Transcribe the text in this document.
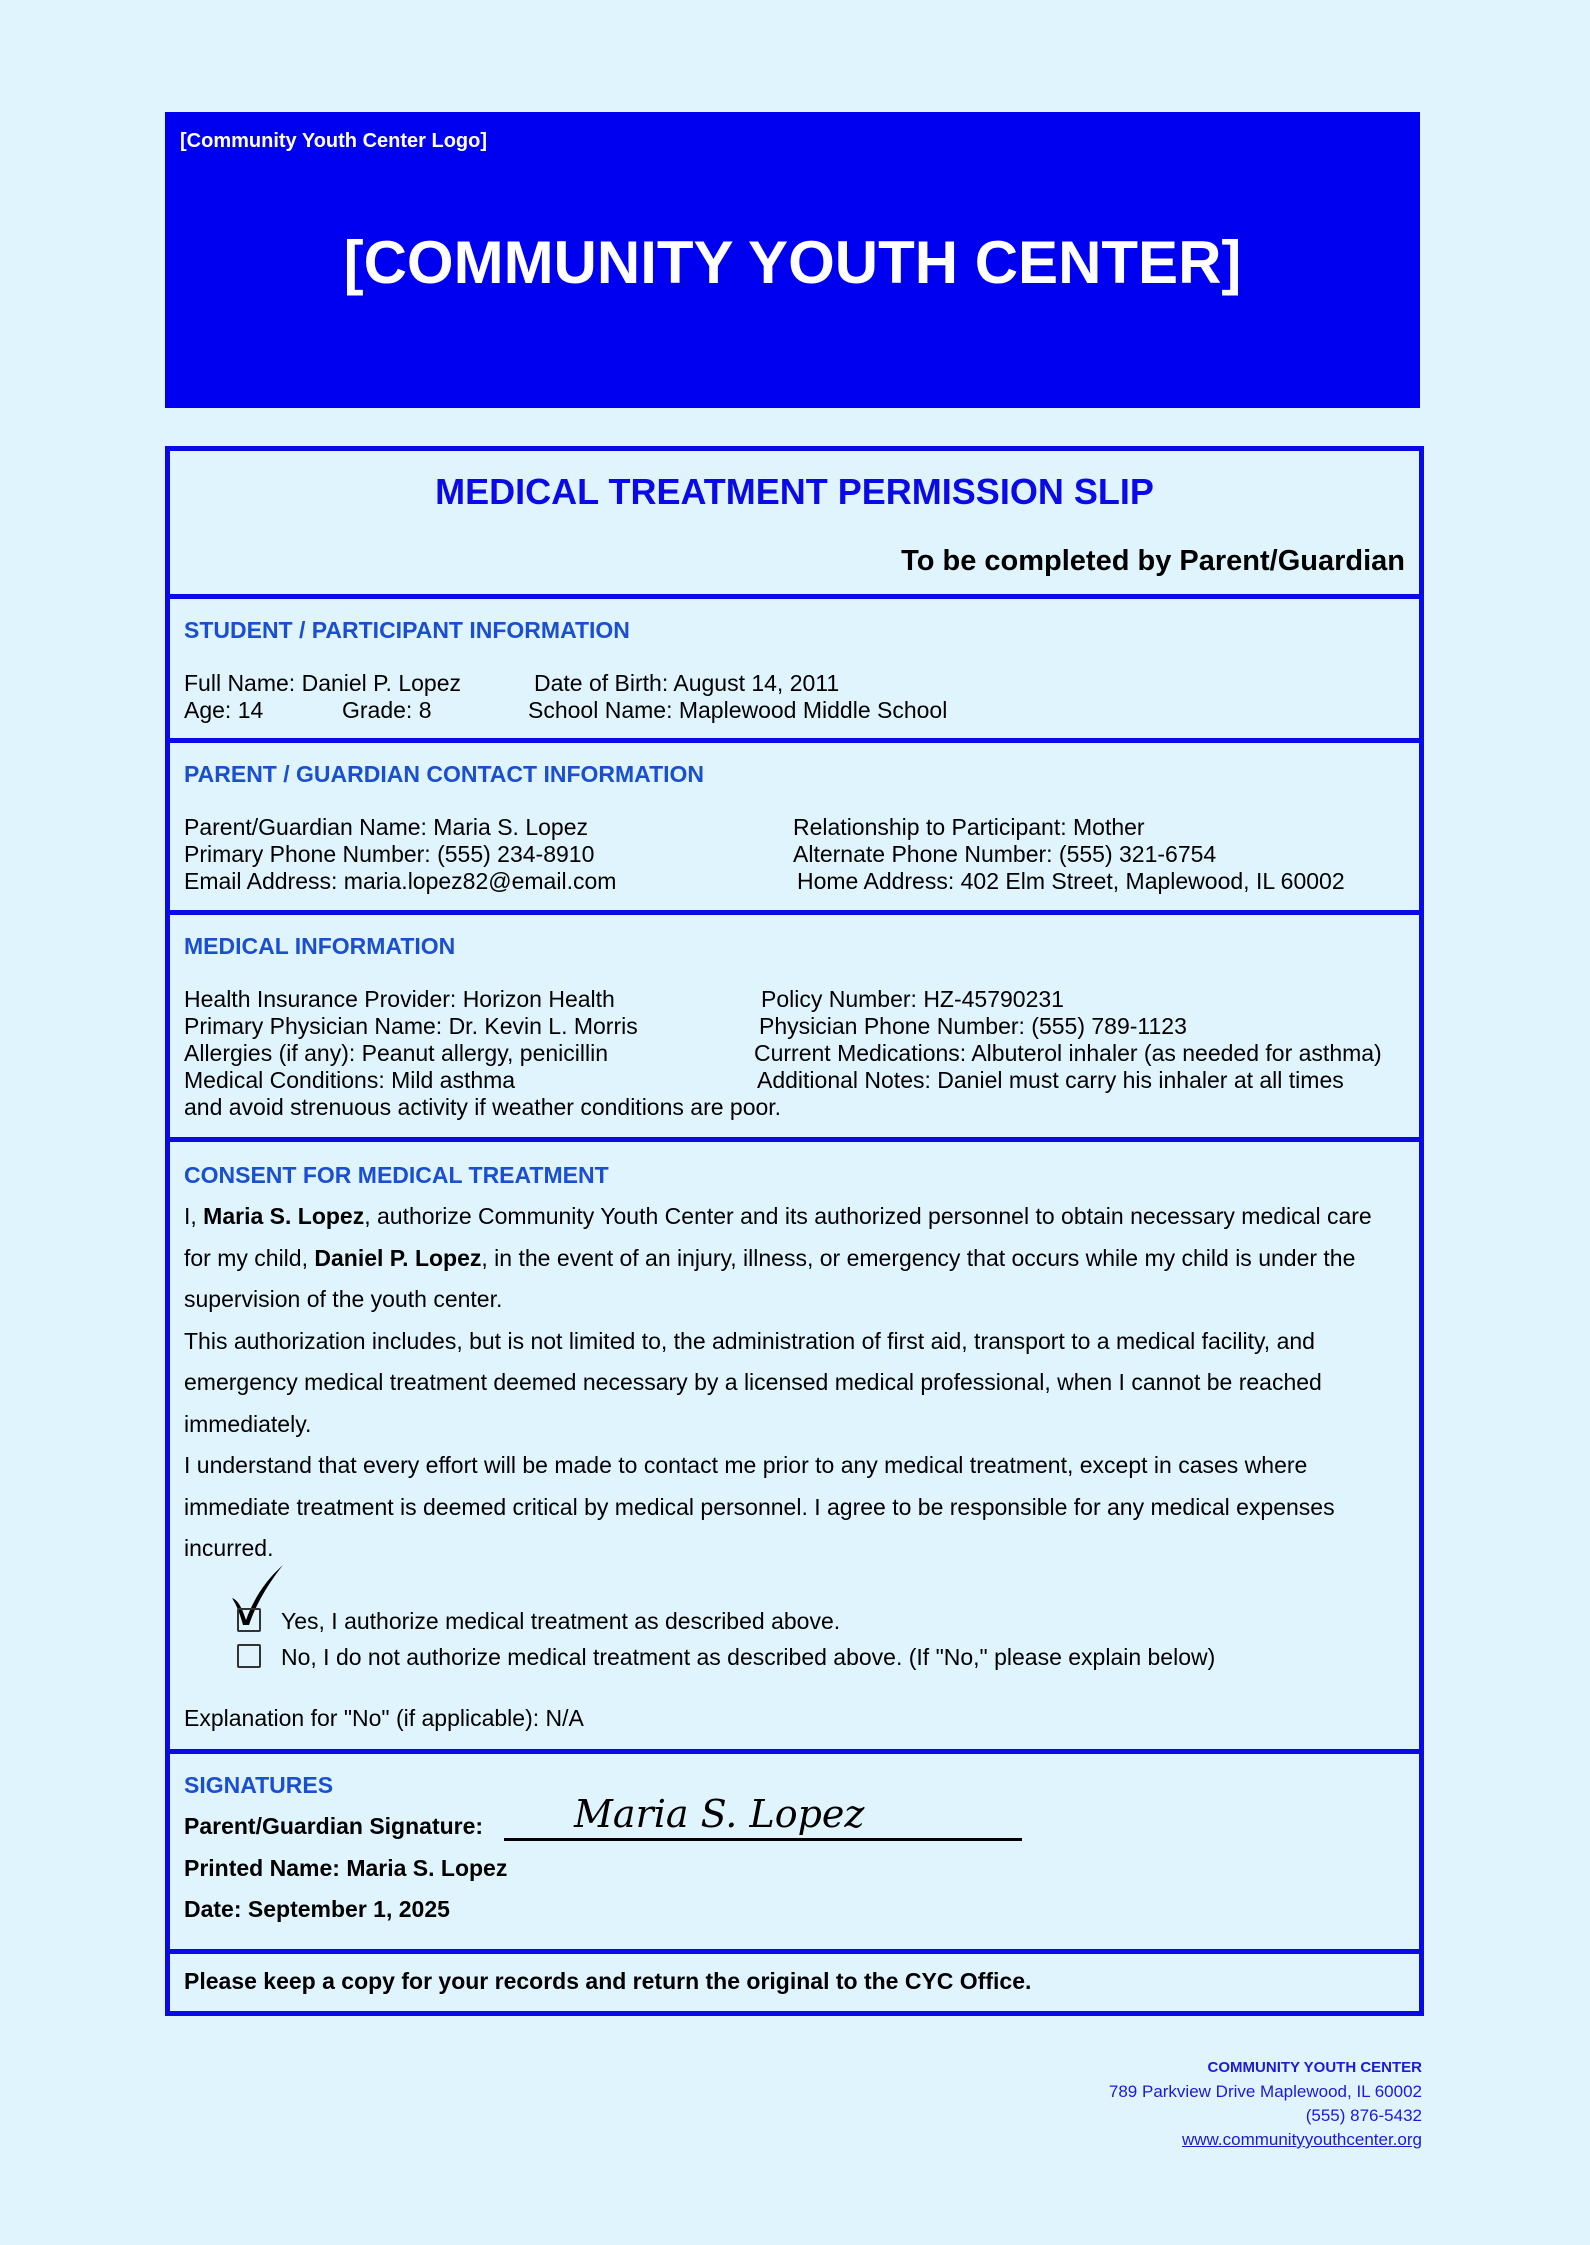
[Community Youth Center Logo]
[COMMUNITY YOUTH CENTER]
MEDICAL TREATMENT PERMISSION SLIP
To be completed by Parent/Guardian
STUDENT / PARTICIPANT INFORMATION
Full Name: Daniel P. Lopez	Date of Birth: August 14, 2011
Age: 14	Grade: 8	School Name: Maplewood Middle School
PARENT / GUARDIAN CONTACT INFORMATION
Parent/Guardian Name: Maria S. Lopez	Relationship to Participant: Mother
Primary Phone Number: (555) 234-8910	Alternate Phone Number: (555) 321-6754
Email Address: maria.lopez82@email.com	Home Address: 402 Elm Street, Maplewood, IL 60002
MEDICAL INFORMATION
Health Insurance Provider: Horizon Health	Policy Number: HZ-45790231
Primary Physician Name: Dr. Kevin L. Morris	Physician Phone Number: (555) 789-1123
Allergies (if any): Peanut allergy, penicillin	Current Medications: Albuterol inhaler (as needed for asthma)
Medical Conditions: Mild asthma	Additional Notes: Daniel must carry his inhaler at all times
and avoid strenuous activity if weather conditions are poor.
CONSENT FOR MEDICAL TREATMENT

I, Maria S. Lopez, authorize Community Youth Center and its authorized personnel to obtain necessary medical care for my child, Daniel P. Lopez, in the event of an injury, illness, or emergency that occurs while my child is under the supervision of the youth center.

This authorization includes, but is not limited to, the administration of first aid, transport to a medical facility, and emergency medical treatment deemed necessary by a licensed medical professional, when I cannot be reached immediately.

I understand that every effort will be made to contact me prior to any medical treatment, except in cases where immediate treatment is deemed critical by medical personnel. I agree to be responsible for any medical expenses incurred.

Yes, I authorize medical treatment as described above.
No, I do not authorize medical treatment as described above. (If "No," please explain below)
Explanation for "No" (if applicable): N/A
SIGNATURES
Parent/Guardian Signature: Maria S. Lopez
Printed Name: Maria S. Lopez
Date: September 1, 2025
Please keep a copy for your records and return the original to the CYC Office.
COMMUNITY YOUTH CENTER
789 Parkview Drive Maplewood, IL 60002
(555) 876-5432
www.communityyouthcenter.org
